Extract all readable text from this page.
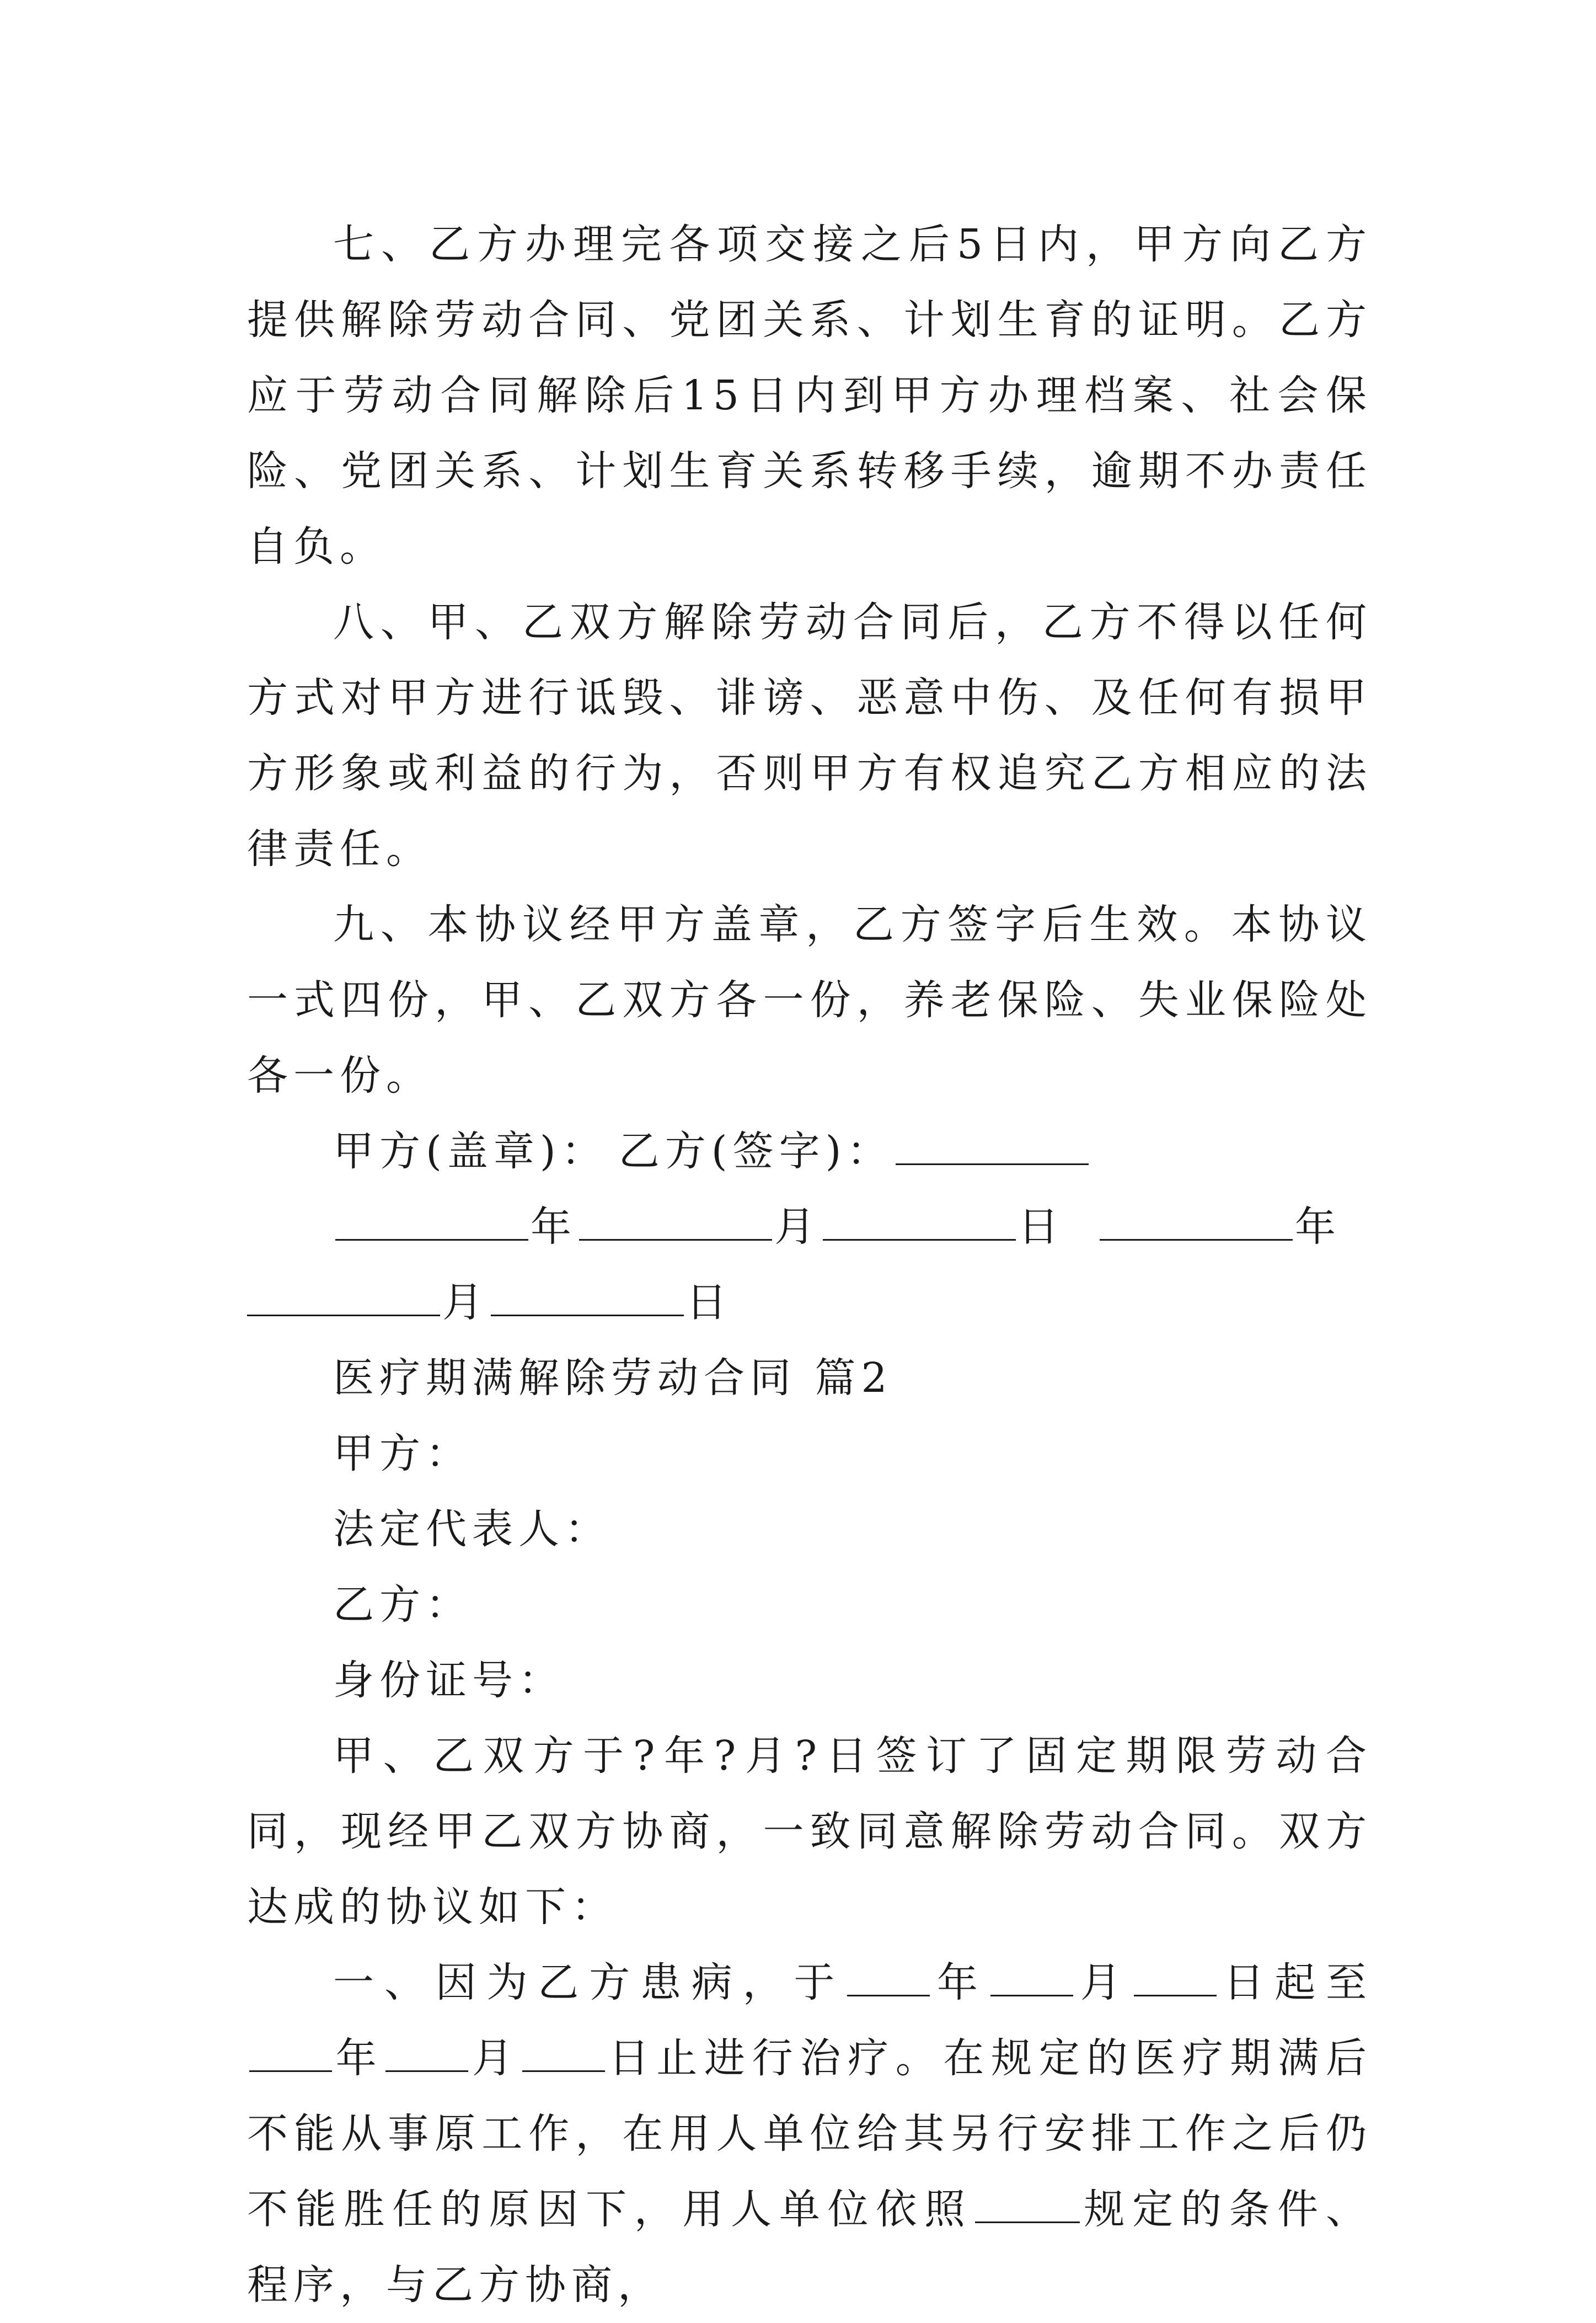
七、乙方办理完各项交接之后5日内，甲方向乙方提供解除劳动合同、党团关系、计划生育的证明。乙方应于劳动合同解除后15日内到甲方办理档案、社会保险、党团关系、计划生育关系转移手续，逾期不办责任自负。

八、甲、乙双方解除劳动合同后，乙方不得以任何方式对甲方进行诋毁、诽谤、恶意中伤、及任何有损甲方形象或利益的行为，否则甲方有权追究乙方相应的法律责任。

九、本协议经甲方盖章，乙方签字后生效。本协议一式四份，甲、乙双方各一份，养老保险、失业保险处各一份。

甲方(盖章)： 乙方(签字)：

年	月	日	年
月	日

医疗期满解除劳动合同 篇2

甲方：

法定代表人：

乙方：

身份证号：

甲、乙双方于?年?月?日签订了固定期限劳动合同，现经甲乙双方协商，一致同意解除劳动合同。双方达成的协议如下：

一、因为乙方患病，于 年 月 日起至年 月 日止进行治疗。在规定的医疗期满后不能从事原工作，在用人单位给其另行安排工作之后仍不能胜任的原因下，用人单位依照	规定的条件、程序，与乙方协商，
